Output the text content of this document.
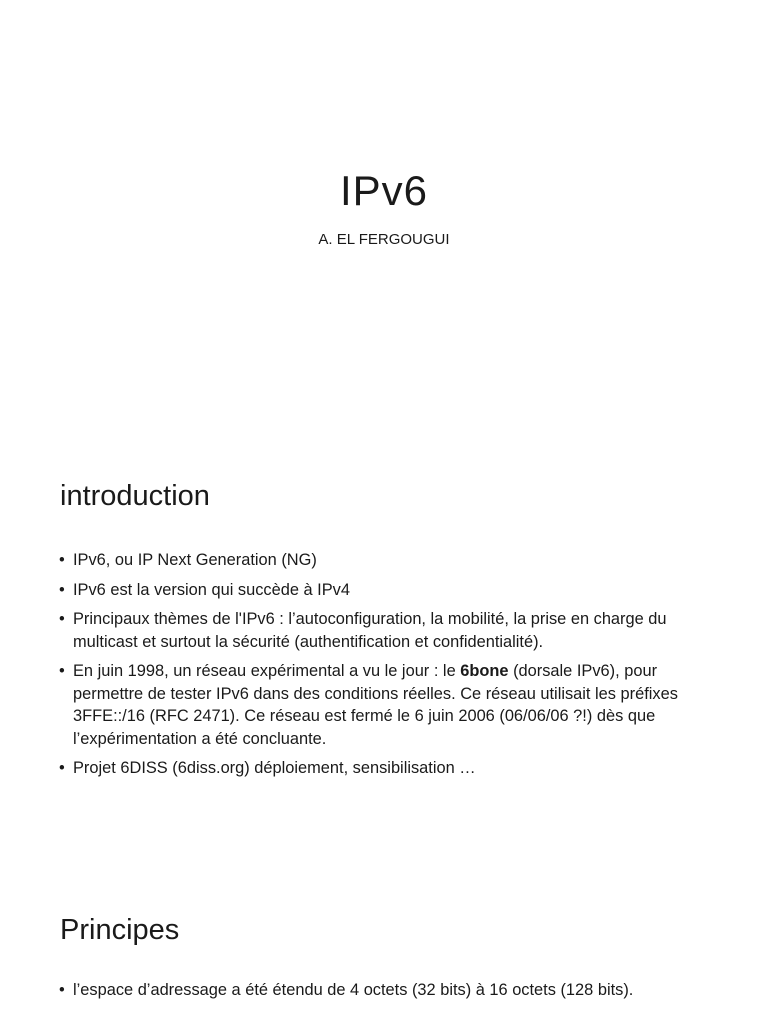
IPv6
A. EL FERGOUGUI
introduction
• IPv6, ou IP Next Generation (NG)
• IPv6 est la version qui succède à IPv4
• Principaux thèmes de l'IPv6 : l’autoconfiguration, la mobilité, la prise en charge du multicast et surtout la sécurité (authentification et confidentialité).
• En juin 1998, un réseau expérimental a vu le jour : le 6bone (dorsale IPv6), pour permettre de tester IPv6 dans des conditions réelles. Ce réseau utilisait les préfixes 3FFE::/16 (RFC 2471). Ce réseau est fermé le 6 juin 2006 (06/06/06 ?!) dès que l’expérimentation a été concluante.
• Projet 6DISS (6diss.org) déploiement, sensibilisation …
Principes
• l’espace d’adressage a été étendu de 4 octets (32 bits) à 16 octets (128 bits).
